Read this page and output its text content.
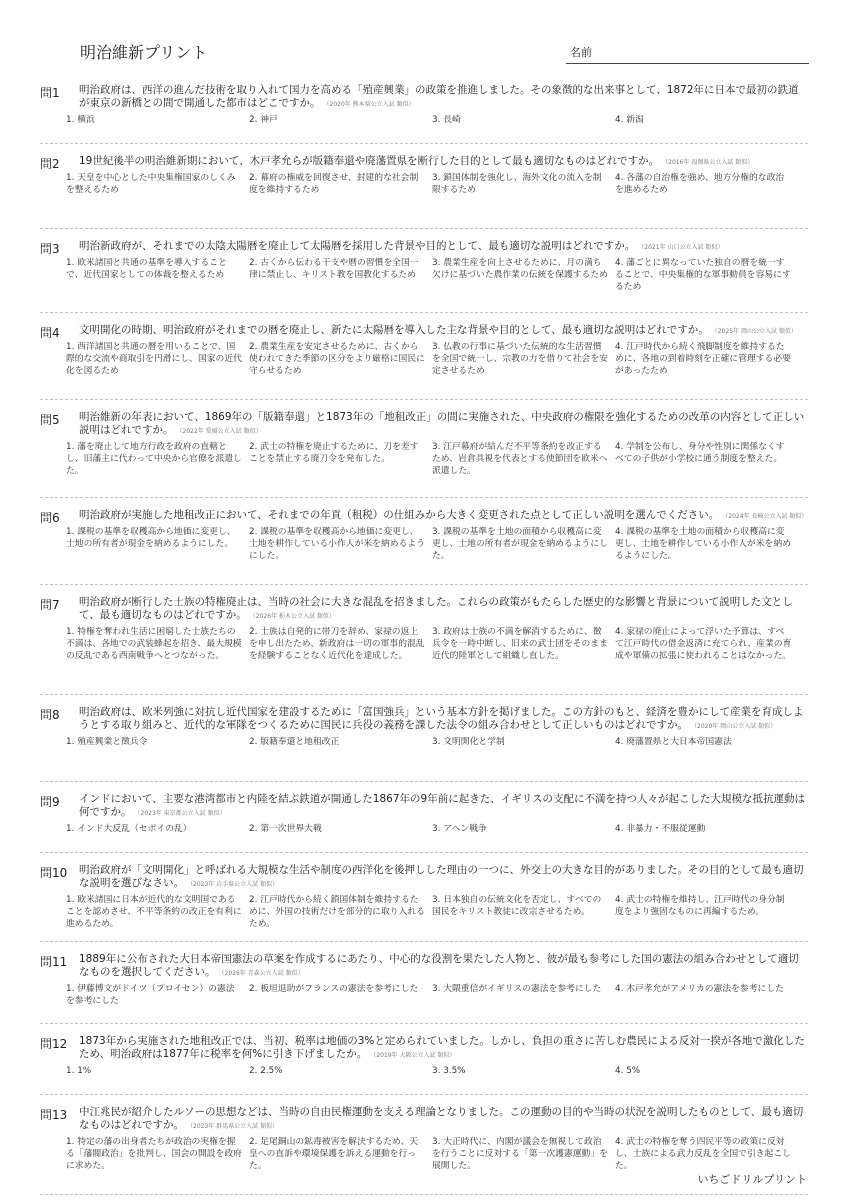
明治維新プリント	名前
問1 明治政府は、西洋の進んだ技術を取り入れて国力を高める「殖産興業」の政策を推進しました。その象徴的な出来事として、1872年に日本で最初の鉄道が東京の新橋との間で開通した都市はどこですか。 （2020年 熊本県公立入試 類似）
1. 横浜	2. 神戸	3. 長崎	4. 新潟
問2 19世紀後半の明治維新期において、木戸孝允らが版籍奉還や廃藩置県を断行した目的として最も適切なものはどれですか。 （2016年 福岡県公立入試 類似）
1. 天皇を中心とした中央集権国家のしくみを整えるため
2. 幕府の権威を回復させ、封建的な社会制度を維持するため
3. 鎖国体制を強化し、海外文化の流入を制限するため
4. 各藩の自治権を強め、地方分権的な政治を進めるため
問3 明治新政府が、それまでの太陰太陽暦を廃止して太陽暦を採用した背景や目的として、最も適切な説明はどれですか。 （2021年 山口公立入試 類似）
1. 欧米諸国と共通の基準を導入することで、近代国家としての体裁を整えるため
2. 古くから伝わる干支や暦の習慣を全国一律に禁止し、キリスト教を国教化するため
3. 農業生産を向上させるために、月の満ち欠けに基づいた農作業の伝統を保護するため
4. 藩ごとに異なっていた独自の暦を統一することで、中央集権的な軍事動員を容易にするため
問4 文明開化の時期、明治政府がそれまでの暦を廃止し、新たに太陽暦を導入した主な背景や目的として、最も適切な説明はどれですか。 （2025年 岡山公立入試 類似）
1. 西洋諸国と共通の暦を用いることで、国際的な交流や商取引を円滑にし、国家の近代化を図るため
2. 農業生産を安定させるために、古くから使われてきた季節の区分をより厳格に国民に守らせるため
3. 仏教の行事に基づいた伝統的な生活習慣を全国で統一し、宗教の力を借りて社会を安定させるため
4. 江戸時代から続く飛脚制度を維持するために、各地の到着時刻を正確に管理する必要があったため
問5 明治維新の年表において、1869年の「版籍奉還」と1873年の「地租改正」の間に実施された、中央政府の権限を強化するための改革の内容として正しい説明はどれですか。 （2022年 愛媛公立入試 類似）
1. 藩を廃止して地方行政を政府の直轄とし、旧藩主に代わって中央から官僚を派遣した。
2. 武士の特権を廃止するために、刀を差すことを禁止する廃刀令を発布した。
3. 江戸幕府が結んだ不平等条約を改正するため、岩倉具視を代表とする使節団を欧米へ派遣した。
4. 学制を公布し、身分や性別に関係なくすべての子供が小学校に通う制度を整えた。
問6 明治政府が実施した地租改正において、それまでの年貢（租税）の仕組みから大きく変更された点として正しい説明を選んでください。 （2024年 長崎公立入試 類似）
1. 課税の基準を収穫高から地価に変更し、土地の所有者が現金を納めるようにした。
2. 課税の基準を収穫高から地価に変更し、土地を耕作している小作人が米を納めるようにした。
3. 課税の基準を土地の面積から収穫高に変更し、土地の所有者が現金を納めるようにした。
4. 課税の基準を土地の面積から収穫高に変更し、土地を耕作している小作人が米を納めるようにした。
問7 明治政府が断行した士族の特権廃止は、当時の社会に大きな混乱を招きました。これらの政策がもたらした歴史的な影響と背景について説明した文として、最も適切なものはどれですか。 （2026年 栃木公立入試 類似）
1. 特権を奪われ生活に困窮した士族たちの不満は、各地での武装蜂起を招き、最大規模の反乱である西南戦争へとつながった。
2. 士族は自発的に帯刀を辞め、家禄の返上を申し出たため、新政府は一切の軍事的混乱を経験することなく近代化を達成した。
3. 政府は士族の不満を解消するために、徴兵令を一時中断し、旧来の武士団をそのまま近代的陸軍として組織し直した。
4. 家禄の廃止によって浮いた予算は、すべて江戸時代の借金返済に充てられ、産業の育成や軍備の拡張に使われることはなかった。
問8 明治政府は、欧米列強に対抗し近代国家を建設するために「富国強兵」という基本方針を掲げました。この方針のもと、経済を豊かにして産業を育成しようとする取り組みと、近代的な軍隊をつくるために国民に兵役の義務を課した法令の組み合わせとして正しいものはどれですか。 （2020年 岡山公立入試 類似）
1. 殖産興業と徴兵令	2. 版籍奉還と地租改正	3. 文明開化と学制	4. 廃藩置県と大日本帝国憲法
問9 インドにおいて、主要な港湾都市と内陸を結ぶ鉄道が開通した1867年の9年前に起きた、イギリスの支配に不満を持つ人々が起こした大規模な抵抗運動は何ですか。 （2023年 東京都公立入試 類似）
1. インド大反乱（セポイの乱）	2. 第一次世界大戦	3. アヘン戦争	4. 非暴力・不服従運動
問10 明治政府が「文明開化」と呼ばれる大規模な生活や制度の西洋化を後押しした理由の一つに、外交上の大きな目的がありました。その目的として最も適切な説明を選びなさい。 （2023年 岩手県公立入試 類似）
1. 欧米諸国に日本が近代的な文明国であることを認めさせ、不平等条約の改正を有利に進めるため。
2. 江戸時代から続く鎖国体制を維持するために、外国の技術だけを部分的に取り入れるため。
3. 日本独自の伝統文化を否定し、すべての国民をキリスト教徒に改宗させるため。
4. 武士の特権を維持し、江戸時代の身分制度をより強固なものに再編するため。
問11 1889年に公布された大日本帝国憲法の草案を作成するにあたり、中心的な役割を果たした人物と、彼が最も参考にした国の憲法の組み合わせとして適切なものを選択してください。 （2026年 青森公立入試 類似）
1. 伊藤博文がドイツ（プロイセン）の憲法を参考にした
2. 板垣退助がフランスの憲法を参考にした	3. 大隈重信がイギリスの憲法を参考にした	4. 木戸孝允がアメリカの憲法を参考にした
問12 1873年から実施された地租改正では、当初、税率は地価の3%と定められていました。しかし、負担の重さに苦しむ農民による反対一揆が各地で激化したため、明治政府は1877年に税率を何%に引き下げましたか。 （2019年 大阪公立入試 類似）
1. 1%	2. 2.5%	3. 3.5%	4. 5%
問13 中江兆民が紹介したルソーの思想などは、当時の自由民権運動を支える理論となりました。この運動の目的や当時の状況を説明したものとして、最も適切なものはどれですか。 （2023年 群馬県公立入試 類似）
1. 特定の藩の出身者たちが政治の実権を握る「藩閥政治」を批判し、国会の開設を政府に求めた。
2. 足尾銅山の鉱毒被害を解決するため、天皇への直訴や環境保護を訴える運動を行った。
3. 大正時代に、内閣が議会を無視して政治を行うことに反対する「第一次護憲運動」を展開した。
4. 武士の特権を奪う四民平等の政策に反対し、士族による武力反乱を全国で引き起こした。
いちごドリルプリント
